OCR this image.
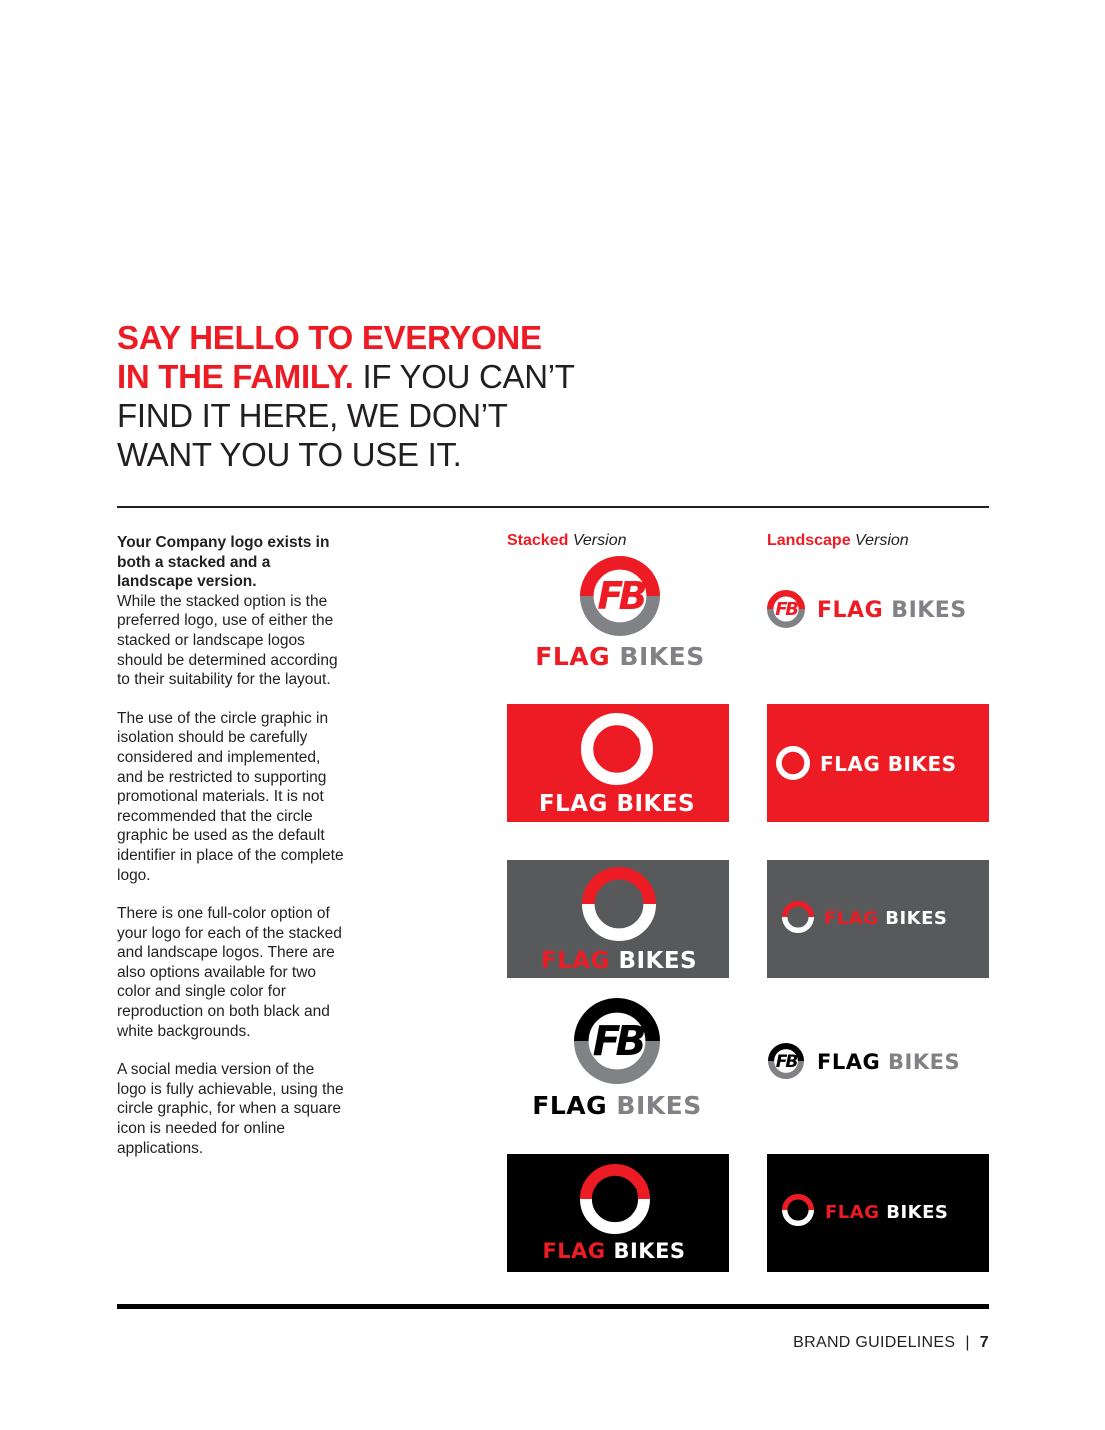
SAY HELLO TO EVERYONE
IN THE FAMILY. IF YOU CAN’T
FIND IT HERE, WE DON’T
WANT YOU TO USE IT.

Your Company logo exists in both a stacked and a landscape version.
While the stacked option is the preferred logo, use of either the stacked or landscape logos should be determined according to their suitability for the layout.

The use of the circle graphic in isolation should be carefully considered and implemented, and be restricted to supporting promotional materials. It is not recommended that the circle graphic be used as the default identifier in place of the complete logo.

There is one full-color option of your logo for each of the stacked and landscape logos. There are also options available for two color and single color for reproduction on both black and white backgrounds.

A social media version of the logo is fully achievable, using the circle graphic, for when a square icon is needed for online applications.

Stacked Version	Landscape Version
FB
FLAG BIKES
FB FLAG BIKES
FB
FLAG BIKES
FB FLAG BIKES
FB
FLAG BIKES
FB FLAG BIKES
FB
FLAG BIKES
FB FLAG BIKES
FB
FLAG BIKES
FB FLAG BIKES
BRAND GUIDELINES | 7
